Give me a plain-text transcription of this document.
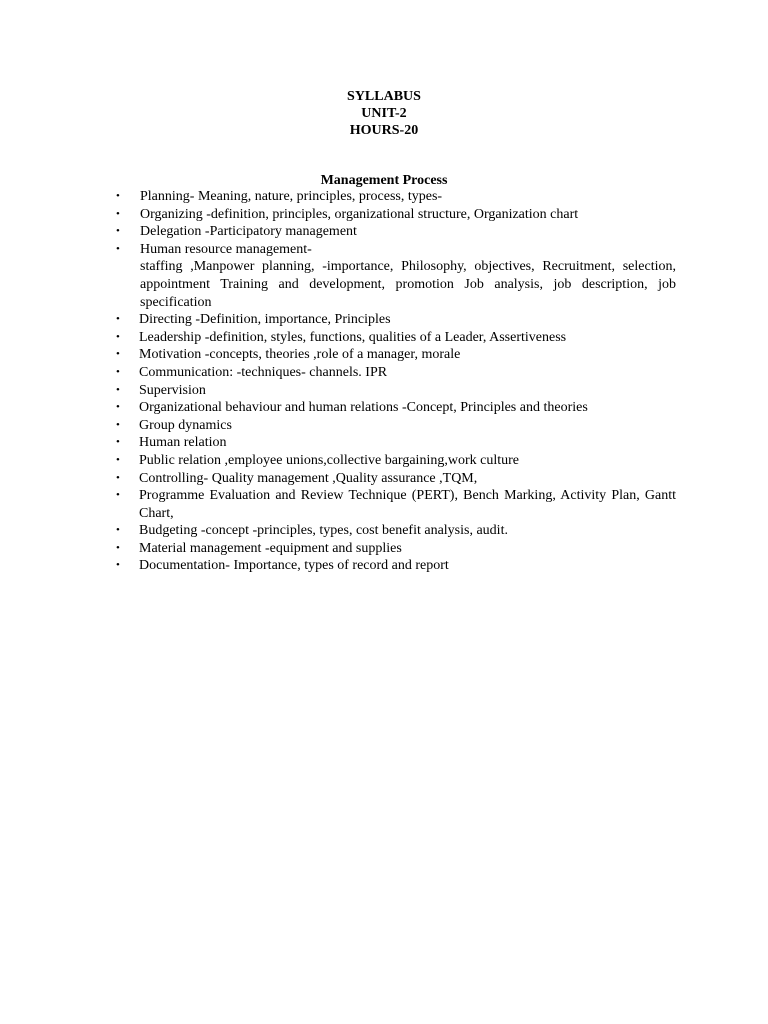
SYLLABUS
UNIT-2
HOURS-20
Management Process
• Planning- Meaning, nature, principles, process, types-
• Organizing -definition, principles, organizational structure, Organization chart
• Delegation -Participatory management
• Human resource management-
staffing ,Manpower planning, -importance, Philosophy, objectives, Recruitment, selection, appointment Training and development, promotion Job analysis, job description, job specification
• Directing -Definition, importance, Principles
• Leadership -definition, styles, functions, qualities of a Leader, Assertiveness
• Motivation -concepts, theories ,role of a manager, morale
• Communication: -techniques- channels. IPR
• Supervision
• Organizational behaviour and human relations -Concept, Principles and theories
• Group dynamics
• Human relation
• Public relation ,employee unions,collective bargaining,work culture
• Controlling- Quality management ,Quality assurance ,TQM,
• Programme Evaluation and Review Technique (PERT), Bench Marking, Activity Plan, Gantt Chart,
• Budgeting -concept -principles, types, cost benefit analysis, audit.
• Material management -equipment and supplies
• Documentation- Importance, types of record and report
